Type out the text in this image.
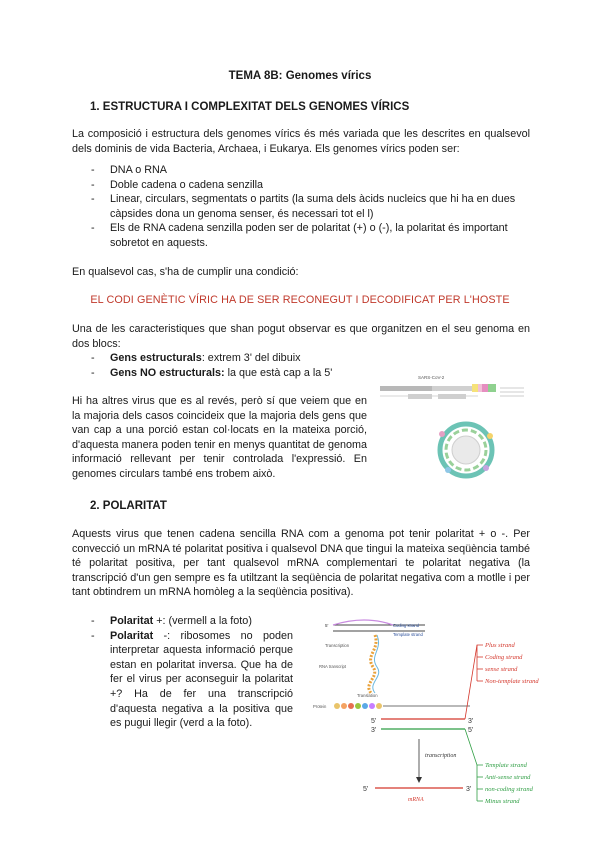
TEMA 8B: Genomes vírics
1. ESTRUCTURA I COMPLEXITAT DELS GENOMES VÍRICS
La composició i estructura dels genomes vírics és més variada que les descrites en qualsevol dels dominis de vida Bacteria, Archaea, i Eukarya. Els genomes vírics poden ser:
- DNA o RNA
- Doble cadena o cadena senzilla
- Linear, circulars, segmentats o partits (la suma dels àcids nucleics que hi ha en dues càpsides dona un genoma senser, és necessari tot el l)
- Els de RNA cadena senzilla poden ser de polaritat (+) o (-), la polaritat és important sobretot en aquests.
En qualsevol cas, s'ha de cumplir una condició:
EL CODI GENÈTIC VÍRIC HA DE SER RECONEGUT I DECODIFICAT PER L'HOSTE
Una de les caracteristiques que shan pogut observar es que organitzen en el seu genoma en dos blocs:
- Gens estructurals: extrem 3' del dibuix
- Gens NO estructurals: la que està cap a la 5'
Hi ha altres virus que es al revés, però sí que veiem que en la majoria dels casos coincideix que la majoria dels gens que van cap a una porció estan col·locats en la mateixa porció, d'aquesta manera poden tenir en menys quantitat de genoma informació rellevant per tenir controlada l'expressió. En genomes circulars també ens trobem això.
SARS-CoV-2
2. POLARITAT
Aquests virus que tenen cadena sencilla RNA com a genoma pot tenir polaritat + o -. Per convecció un mRNA té polaritat positiva i qualsevol DNA que tingui la mateixa seqüència també té polaritat positiva, per tant qualsevol mRNA complementari te polaritat negativa (la transcripció d'un gen sempre es fa utiltzant la seqüència de polaritat negativa com a motlle i per tant obtindrem un mRNA homòleg a la seqüència positiva).
- Polaritat +: (vermell a la foto)
- Polaritat -: ribosomes no poden interpretar aquesta informació perque estan en polaritat inversa. Que ha de fer el virus per aconseguir la polaritat +? Ha de fer una transcripció d'aquesta negativa a la positiva que es pugui llegir (verd a la foto).
5'	Coding strand
Template strand
Transcription
RNA transcript
Translation
Protein
5'	3'
3'	5'
transcription
5'	3'
mRNA
Plus strand
Coding strand
sense strand
Non-template strand
Template strand
Anti-sense strand
non-coding strand
Minus strand
